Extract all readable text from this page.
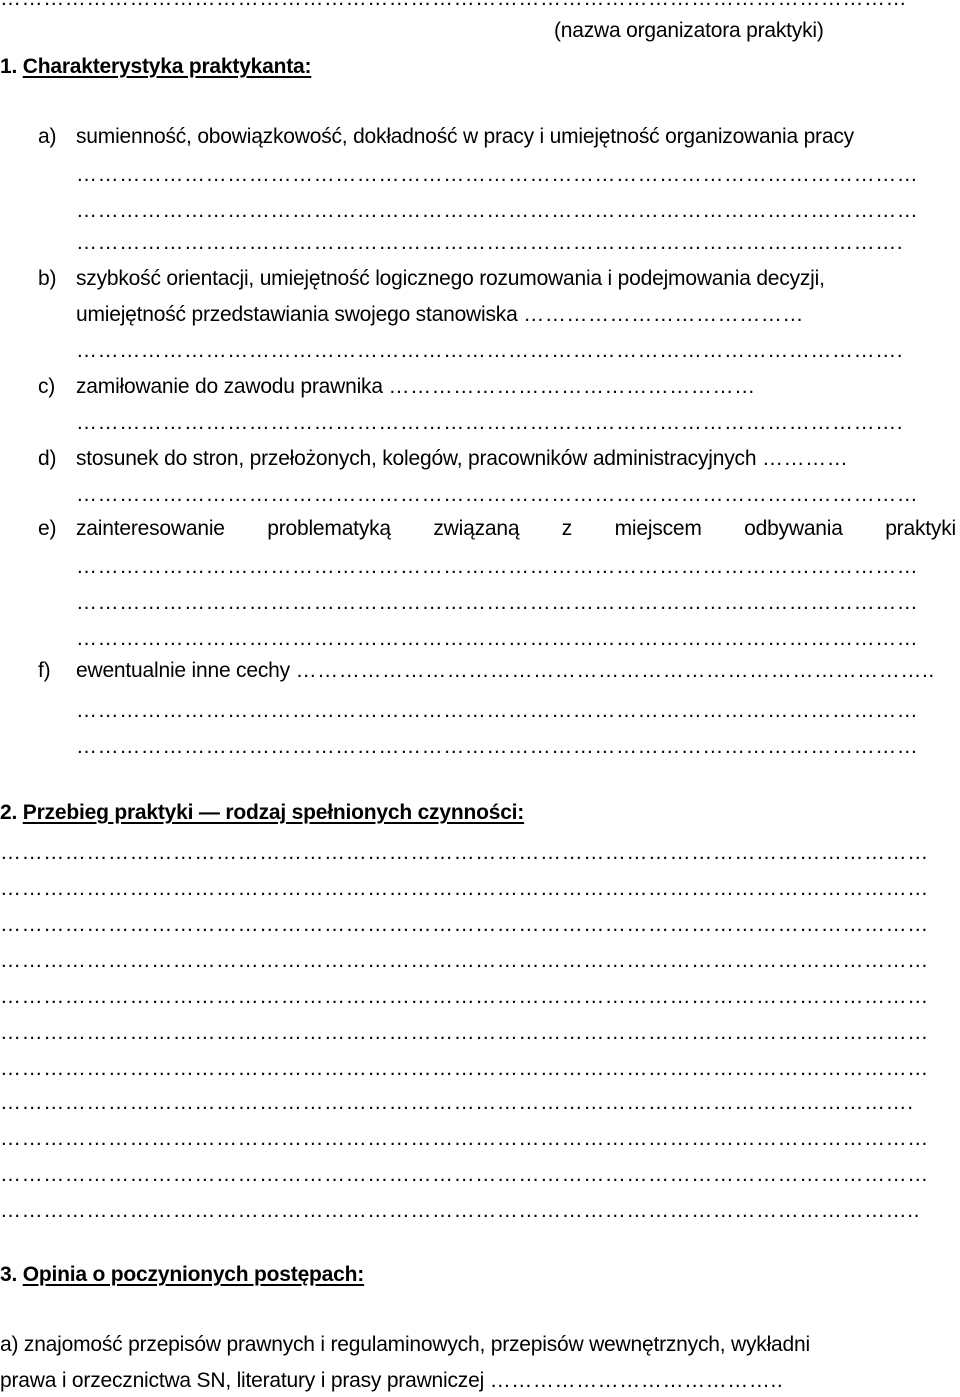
(nazwa organizatora praktyki)
1. Charakterystyka praktykanta:
a) sumienność, obowiązkowość, dokładność w pracy i umiejętność organizowania pracy
………………………………………………………………………………………………………
………………………………………………………………………………………………………
…………………………………………………………………………………………………….
b) szybkość orientacji, umiejętność logicznego rozumowania i podejmowania decyzji,
umiejętność przedstawiania swojego stanowiska …………………………………
…………………………………………………………………………………………………….
c) zamiłowanie do zawodu prawnika ……………………………………………
…………………………………………………………………………………………………….
d) stosunek do stron, przełożonych, kolegów, pracowników administracyjnych …………
………………………………………………………………………………………………………
e) zainteresowanie problematyką związaną z miejscem odbywania praktyki
………………………………………………………………………………………………………
………………………………………………………………………………………………………
………………………………………………………………………………………………………
f) ewentualnie inne cechy ……………………………………………………………………………..
………………………………………………………………………………………………………
………………………………………………………………………………………………………
2. Przebieg praktyki — rodzaj spełnionych czynności:
…………………………………………………………………………………………………………………
…………………………………………………………………………………………………………………
…………………………………………………………………………………………………………………
…………………………………………………………………………………………………………………
…………………………………………………………………………………………………………………
…………………………………………………………………………………………………………………
…………………………………………………………………………………………………………………
……………………………………………………………………………………………………………….
…………………………………………………………………………………………………………………
…………………………………………………………………………………………………………………
………………………………………………………………………………………………………………..
3. Opinia o poczynionych postępach:
a) znajomość przepisów prawnych i regulaminowych, przepisów wewnętrznych, wykładni
prawa i orzecznictwa SN, literatury i prasy prawniczej …………………………………..
